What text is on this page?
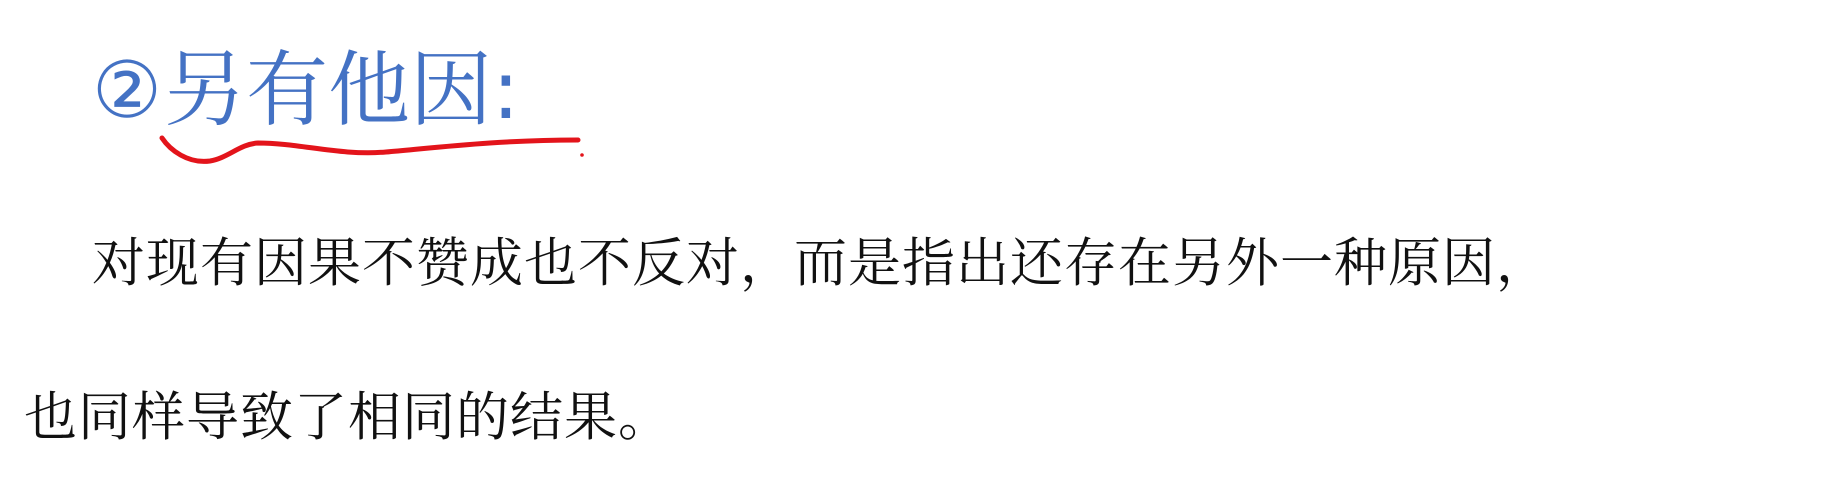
② 另有他因 :
对现有因果不赞成也不反对，而是指出还存在另外一种原因，
也同样导致了相同的结果。
